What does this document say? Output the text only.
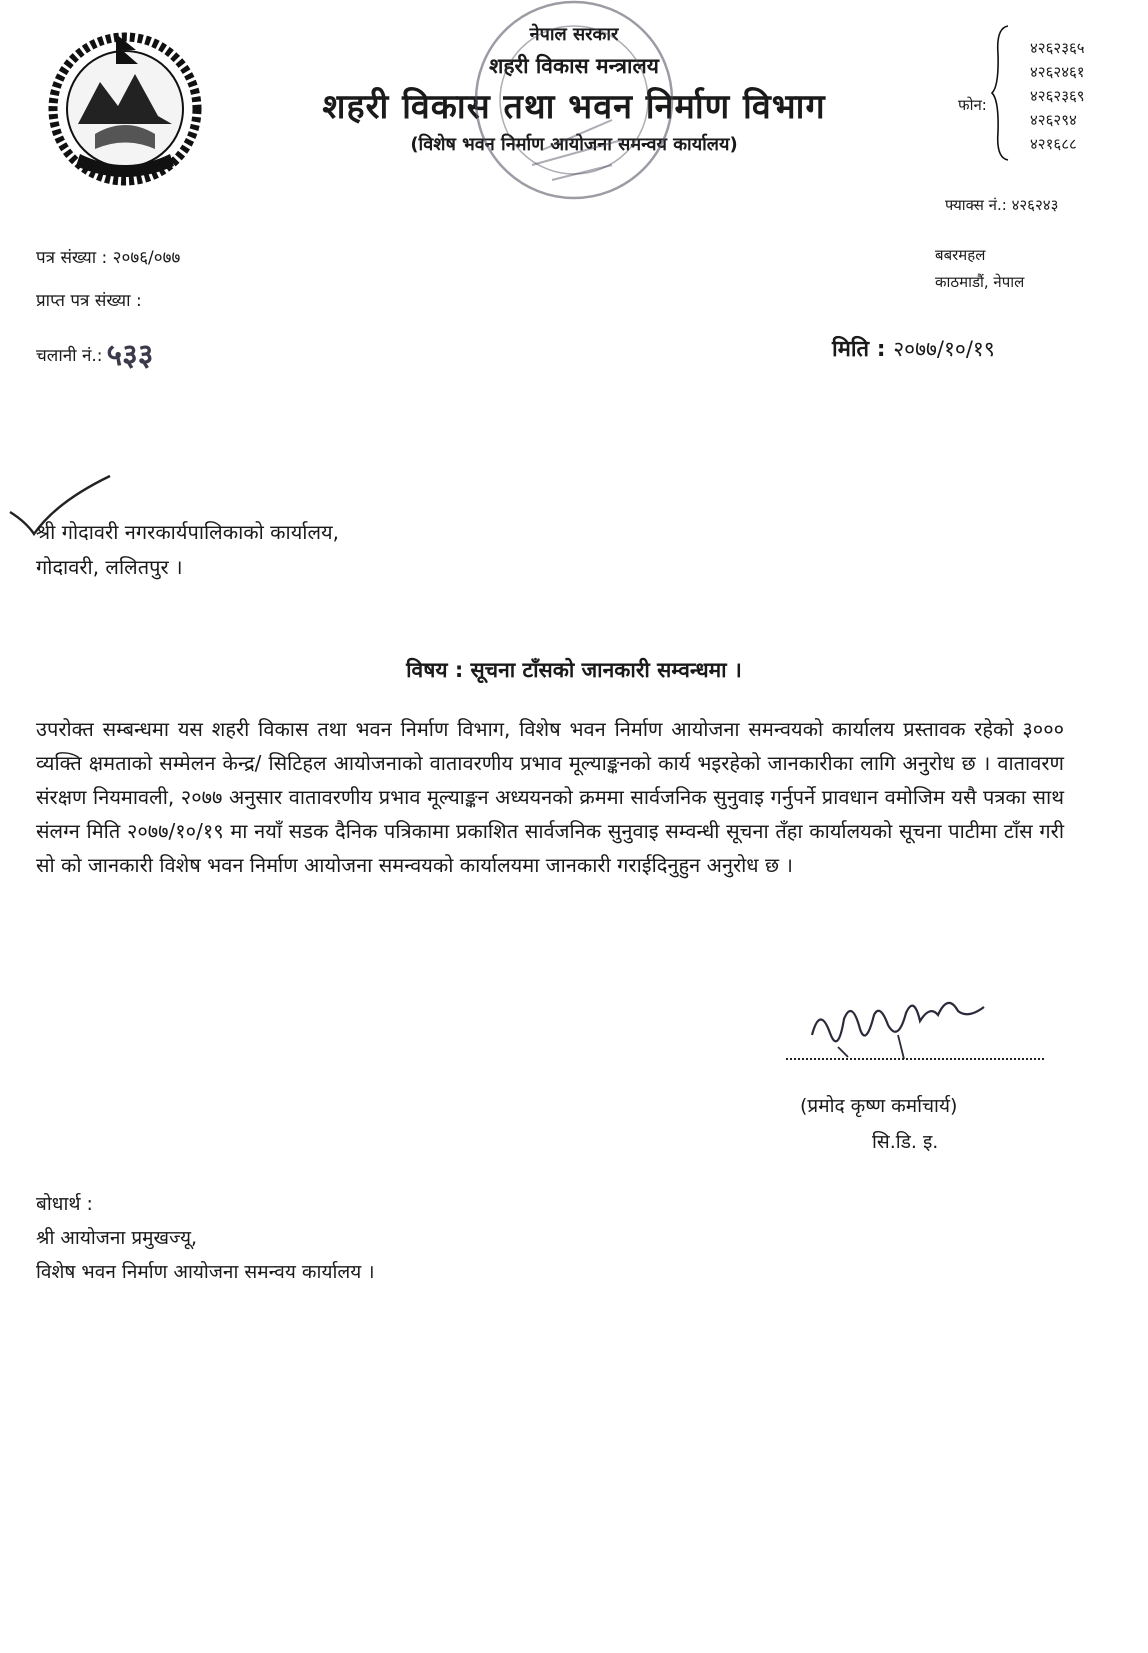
नेपाल सरकार
शहरी विकास मन्त्रालय
शहरी विकास तथा भवन निर्माण विभाग
(विशेष भवन निर्माण आयोजना समन्वय कार्यालय)
फोन:
४२६२३६५
४२६२४६१
४२६२३६९
४२६२९४
४२१६८८
फ्याक्स नं.: ४२६२४३
पत्र संख्या : २०७६/०७७
प्राप्त पत्र संख्या :
चलानी नं.: ५३३
बबरमहल
काठमाडौं, नेपाल
मिति : २०७७/१०/१९
श्री गोदावरी नगरकार्यपालिकाको कार्यालय,
गोदावरी, ललितपुर ।
विषय : सूचना टाँसको जानकारी सम्वन्धमा ।
उपरोक्त सम्बन्धमा यस शहरी विकास तथा भवन निर्माण विभाग, विशेष भवन निर्माण आयोजना समन्वयको कार्यालय प्रस्तावक रहेको ३००० व्यक्ति क्षमताको सम्मेलन केन्द्र/ सिटिहल आयोजनाको वातावरणीय प्रभाव मूल्याङ्कनको कार्य भइरहेको जानकारीका लागि अनुरोध छ । वातावरण संरक्षण नियमावली, २०७७ अनुसार वातावरणीय प्रभाव मूल्याङ्कन अध्ययनको क्रममा सार्वजनिक सुनुवाइ गर्नुपर्ने प्रावधान वमोजिम यसै पत्रका साथ संलग्न मिति २०७७/१०/१९ मा नयाँ सडक दैनिक पत्रिकामा प्रकाशित सार्वजनिक सुनुवाइ सम्वन्धी सूचना तँहा कार्यालयको सूचना पाटीमा टाँस गरी सो को जानकारी विशेष भवन निर्माण आयोजना समन्वयको कार्यालयमा जानकारी गराईदिनुहुन अनुरोध छ ।
(प्रमोद कृष्ण कर्माचार्य)
सि.डि. इ.
बोधार्थ :
श्री आयोजना प्रमुखज्यू,
विशेष भवन निर्माण आयोजना समन्वय कार्यालय ।
